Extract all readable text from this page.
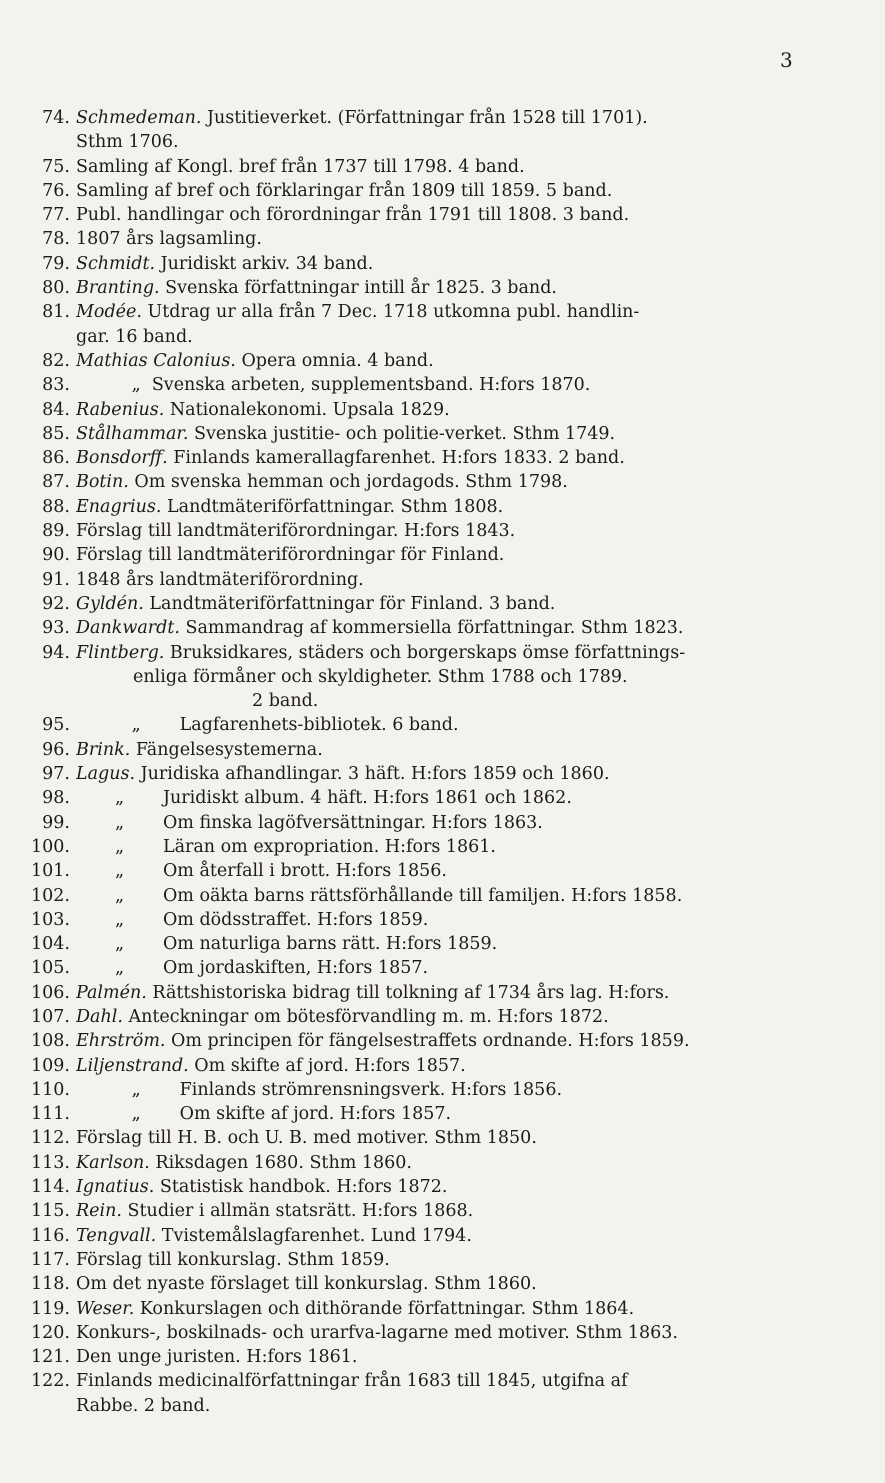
3
74. Schmedeman. Justitieverket. (Författningar från 1528 till 1701).
Sthm 1706.
75. Samling af Kongl. bref från 1737 till 1798. 4 band.
76. Samling af bref och förklaringar från 1809 till 1859. 5 band.
77. Publ. handlingar och förordningar från 1791 till 1808. 3 band.
78. 1807 års lagsamling.
79. Schmidt. Juridiskt arkiv. 34 band.
80. Branting. Svenska författningar intill år 1825. 3 band.
81. Modée. Utdrag ur alla från 7 Dec. 1718 utkomna publ. handlin-
gar. 16 band.
82. Mathias Calonius. Opera omnia. 4 band.
83. „  Svenska arbeten, supplementsband. H:fors 1870.
84. Rabenius. Nationalekonomi. Upsala 1829.
85. Stålhammar. Svenska justitie- och politie-verket. Sthm 1749.
86. Bonsdorff. Finlands kamerallagfarenhet. H:fors 1833. 2 band.
87. Botin. Om svenska hemman och jordagods. Sthm 1798.
88. Enagrius. Landtmäteriförfattningar. Sthm 1808.
89. Förslag till landtmäteriförordningar. H:fors 1843.
90. Förslag till landtmäteriförordningar för Finland.
91. 1848 års landtmäteriförordning.
92. Gyldén. Landtmäteriförfattningar för Finland. 3 band.
93. Dankwardt. Sammandrag af kommersiella författningar. Sthm 1823.
94. Flintberg. Bruksidkares, städers och borgerskaps ömse författnings-
enliga förmåner och skyldigheter. Sthm 1788 och 1789.
2 band.
95. „       Lagfarenhets-bibliotek. 6 band.
96. Brink. Fängelsesystemerna.
97. Lagus. Juridiska afhandlingar. 3 häft. H:fors 1859 och 1860.
98. „       Juridiskt album. 4 häft. H:fors 1861 och 1862.
99. „       Om finska lagöfversättningar. H:fors 1863.
100. „       Läran om expropriation. H:fors 1861.
101. „       Om återfall i brott. H:fors 1856.
102. „       Om oäkta barns rättsförhållande till familjen. H:fors 1858.
103. „       Om dödsstraffet. H:fors 1859.
104. „       Om naturliga barns rätt. H:fors 1859.
105. „       Om jordaskiften, H:fors 1857.
106. Palmén. Rättshistoriska bidrag till tolkning af 1734 års lag. H:fors.
107. Dahl. Anteckningar om bötesförvandling m. m. H:fors 1872.
108. Ehrström. Om principen för fängelsestraffets ordnande. H:fors 1859.
109. Liljenstrand. Om skifte af jord. H:fors 1857.
110. „       Finlands strömrensningsverk. H:fors 1856.
111. „       Om skifte af jord. H:fors 1857.
112. Förslag till H. B. och U. B. med motiver. Sthm 1850.
113. Karlson. Riksdagen 1680. Sthm 1860.
114. Ignatius. Statistisk handbok. H:fors 1872.
115. Rein. Studier i allmän statsrätt. H:fors 1868.
116. Tengvall. Tvistemålslagfarenhet. Lund 1794.
117. Förslag till konkurslag. Sthm 1859.
118. Om det nyaste förslaget till konkurslag. Sthm 1860.
119. Weser. Konkurslagen och dithörande författningar. Sthm 1864.
120. Konkurs-, boskilnads- och urarfva-lagarne med motiver. Sthm 1863.
121. Den unge juristen. H:fors 1861.
122. Finlands medicinalförfattningar från 1683 till 1845, utgifna af
Rabbe. 2 band.
